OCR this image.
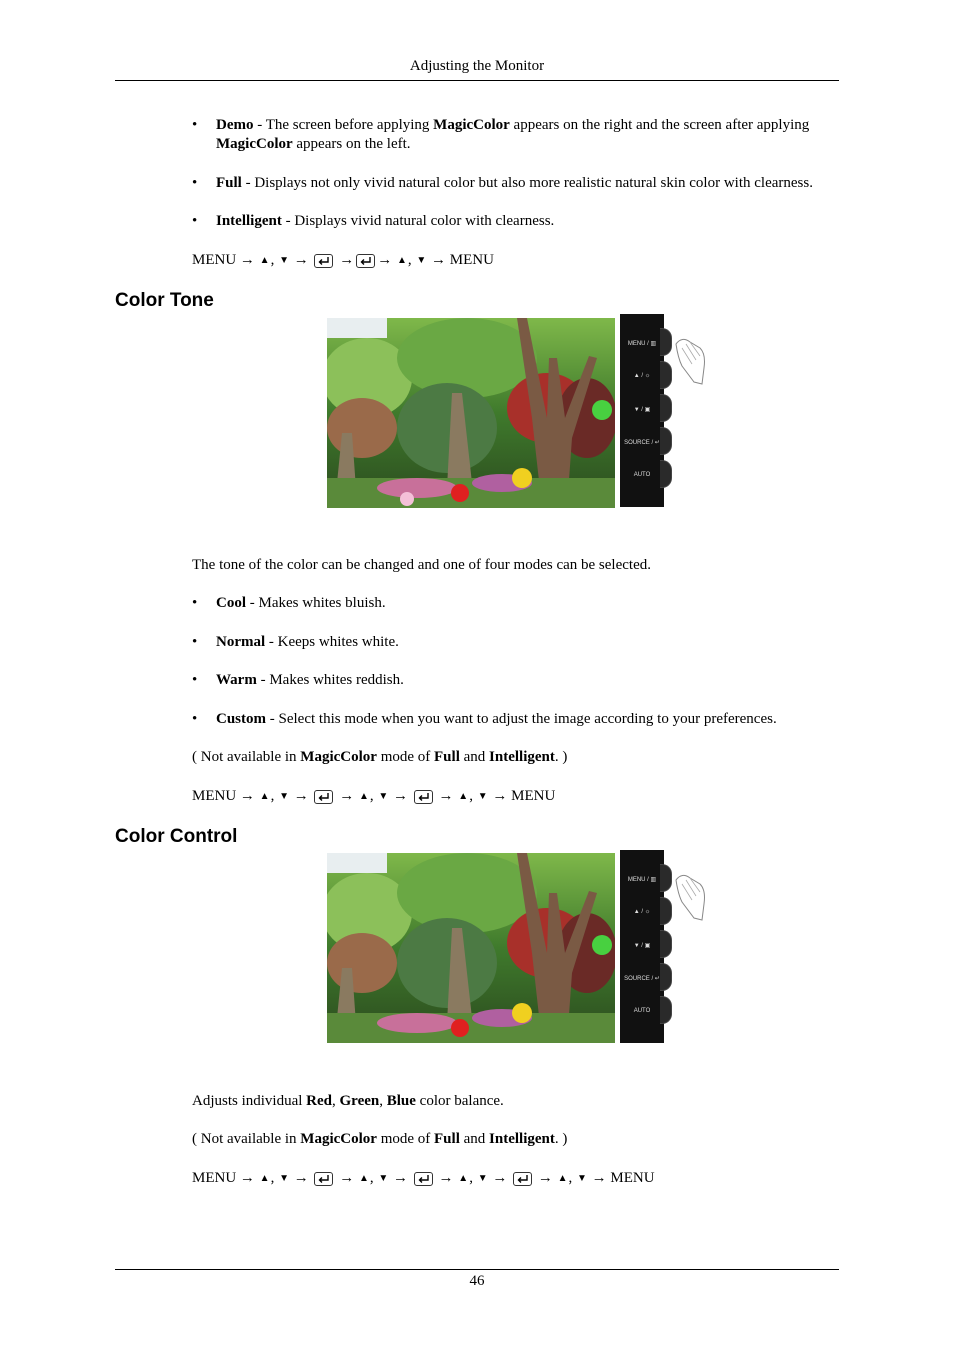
Adjusting the Monitor
• Demo - The screen before applying MagicColor appears on the right and the screen after applying
MagicColor appears on the left.
• Full - Displays not only vivid natural color but also more realistic natural skin color with clearness.
• Intelligent - Displays vivid natural color with clearness.
MENU
→
▲ ,
▼
→

→ →
▲ ,
▼
→
MENU
Color Tone
MENU / ▥
▲ / ☼
▼ / ▣
SOURCE / ↵
AUTO
The tone of the color can be changed and one of four modes can be selected.
• Cool - Makes whites bluish.
• Normal - Keeps whites white.
• Warm - Makes whites reddish.
• Custom - Select this mode when you want to adjust the image according to your preferences.
( Not available in MagicColor mode of Full and Intelligent. )
MENU
→
▲ ,
▼
→

→
▲ ,
▼
→

→
▲ ,
▼
→
MENU
Color Control
MENU / ▥
▲ / ☼
▼ / ▣
SOURCE / ↵
AUTO
Adjusts individual Red, Green, Blue color balance.
( Not available in MagicColor mode of Full and Intelligent. )
MENU
→
▲ ,
▼
→

→
▲ ,
▼
→

→
▲ ,
▼
→

→
▲ ,
▼
→
MENU
46
